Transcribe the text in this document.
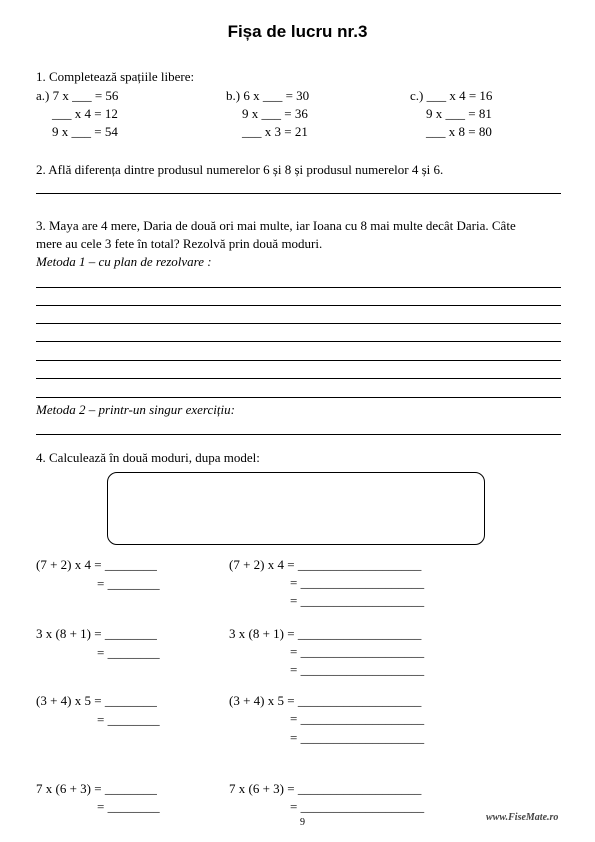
Fișa de lucru nr.3
1. Completează spațiile libere:
a.) 7 x ___ = 56
___ x 4 = 12
9 x ___ = 54
b.) 6 x ___ = 30
9 x ___ = 36
___ x 3 = 21
c.) ___ x 4 = 16
9 x ___ = 81
___ x 8 = 80
2. Află diferența dintre produsul numerelor 6 și 8 și produsul numerelor 4 și 6.
3. Maya are 4 mere, Daria de două ori mai multe, iar Ioana cu 8 mai multe decât Daria. Câte
mere au cele 3 fete în total? Rezolvă prin două moduri.
Metoda 1 – cu plan de rezolvare :
Metoda 2 – printr-un singur exercițiu:
4. Calculează în două moduri, dupa model:
(7 + 2) x 4 = ________
= ________
(7 + 2) x 4 = ___________________
= ___________________
= ___________________
3 x (8 + 1) = ________
= ________
3 x (8 + 1) = ___________________
= ___________________
= ___________________
(3 + 4) x 5 = ________
= ________
(3 + 4) x 5 = ___________________
= ___________________
= ___________________
7 x (6 + 3) = ________
= ________
7 x (6 + 3) = ___________________
= ___________________
9	www.FiseMate.ro
